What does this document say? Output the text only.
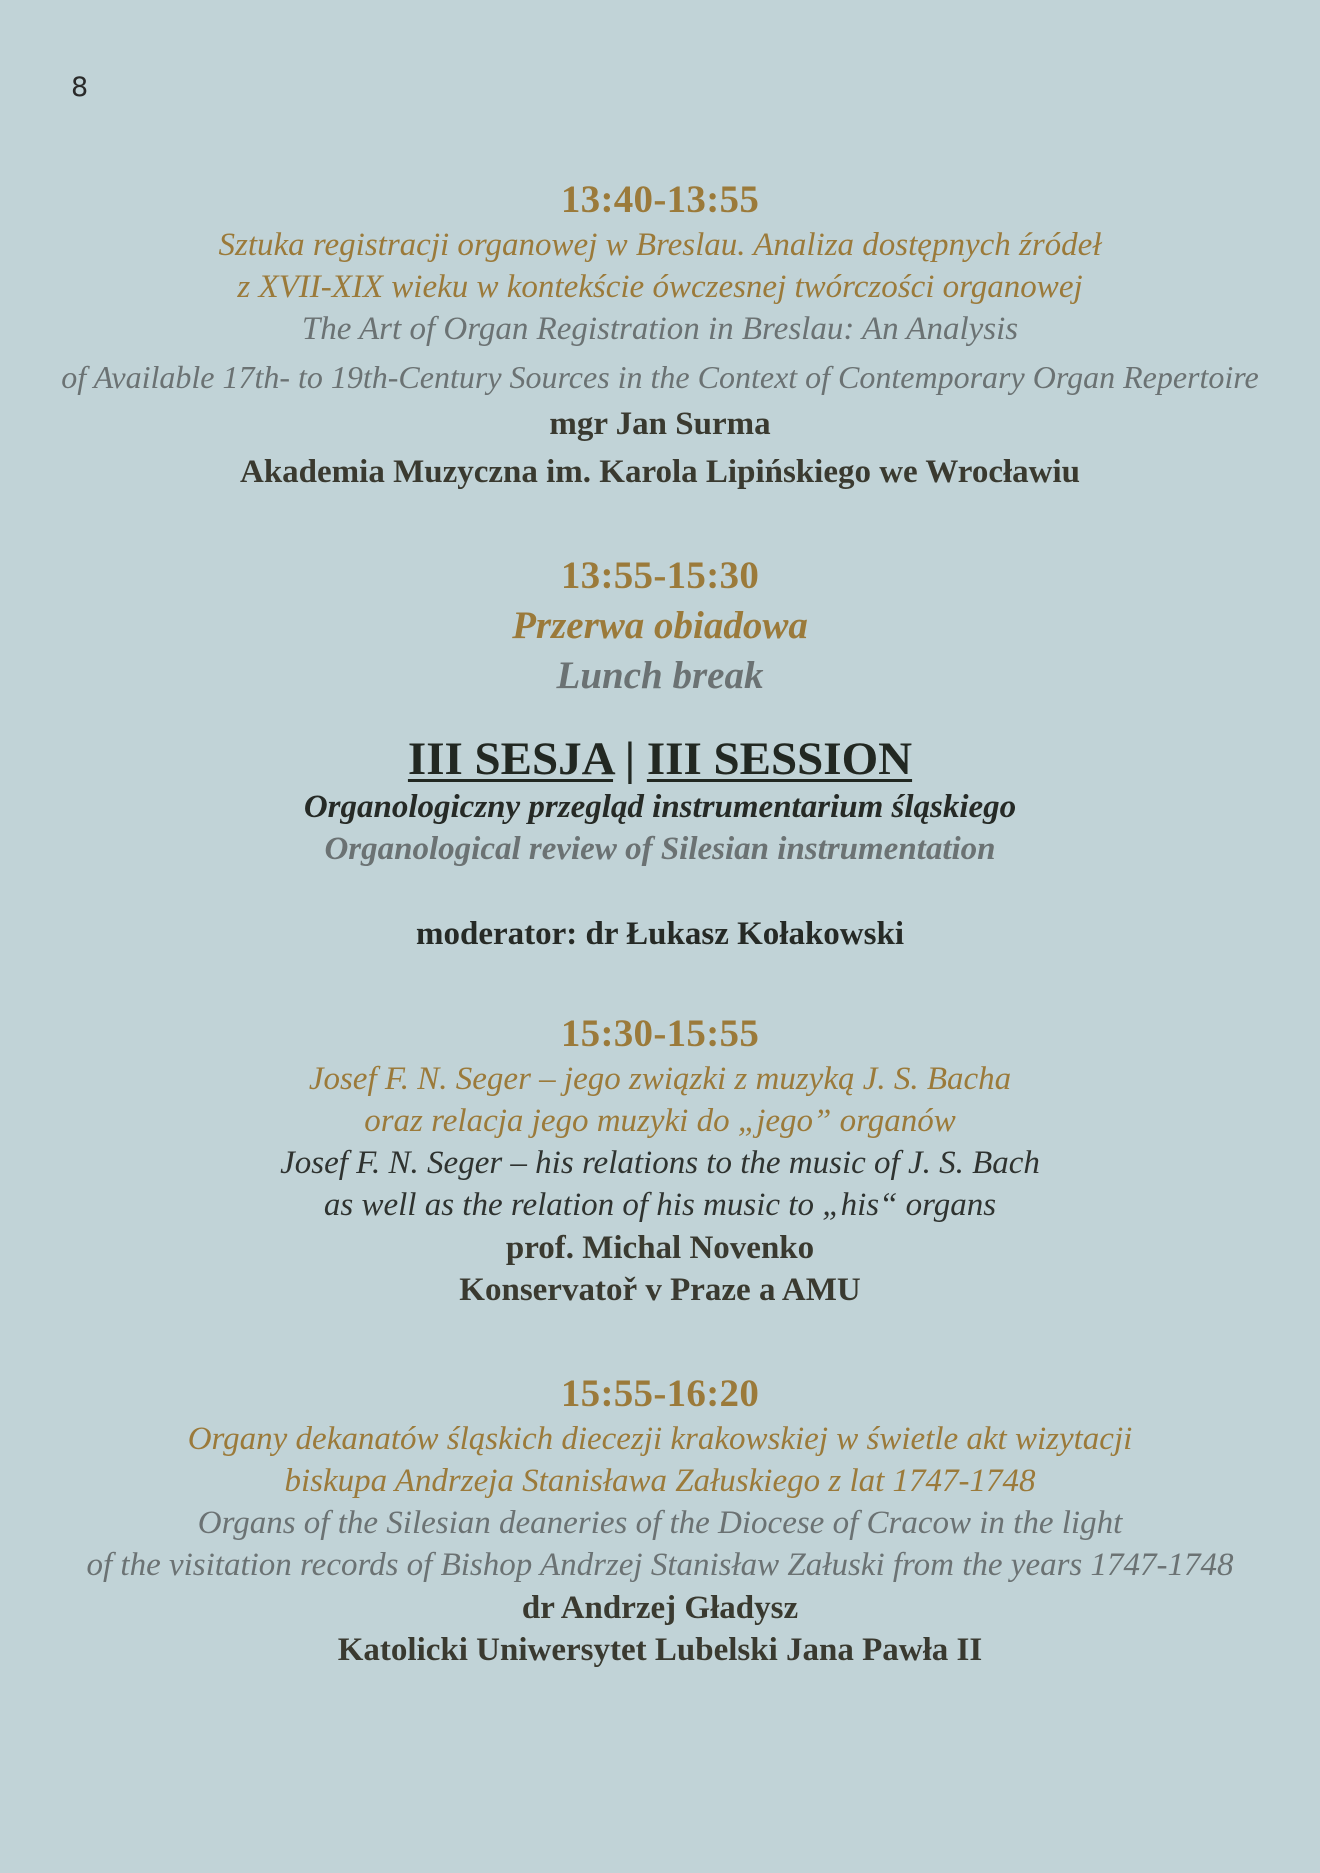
8
13:40-13:55
Sztuka registracji organowej w Breslau. Analiza dostępnych źródeł
z XVII-XIX wieku w kontekście ówczesnej twórczości organowej
The Art of Organ Registration in Breslau: An Analysis
of Available 17th- to 19th-Century Sources in the Context of Contemporary Organ Repertoire
mgr Jan Surma
Akademia Muzyczna im. Karola Lipińskiego we Wrocławiu
13:55-15:30
Przerwa obiadowa
Lunch break
III SESJA | III SESSION
Organologiczny przegląd instrumentarium śląskiego
Organological review of Silesian instrumentation
moderator: dr Łukasz Kołakowski
15:30-15:55
Josef F. N. Seger – jego związki z muzyką J. S. Bacha
oraz relacja jego muzyki do „jego” organów
Josef F. N. Seger – his relations to the music of J. S. Bach
as well as the relation of his music to „his“ organs
prof. Michal Novenko
Konservatoř v Praze a AMU
15:55-16:20
Organy dekanatów śląskich diecezji krakowskiej w świetle akt wizytacji
biskupa Andrzeja Stanisława Załuskiego z lat 1747-1748
Organs of the Silesian deaneries of the Diocese of Cracow in the light
of the visitation records of Bishop Andrzej Stanisław Załuski from the years 1747-1748
dr Andrzej Gładysz
Katolicki Uniwersytet Lubelski Jana Pawła II
